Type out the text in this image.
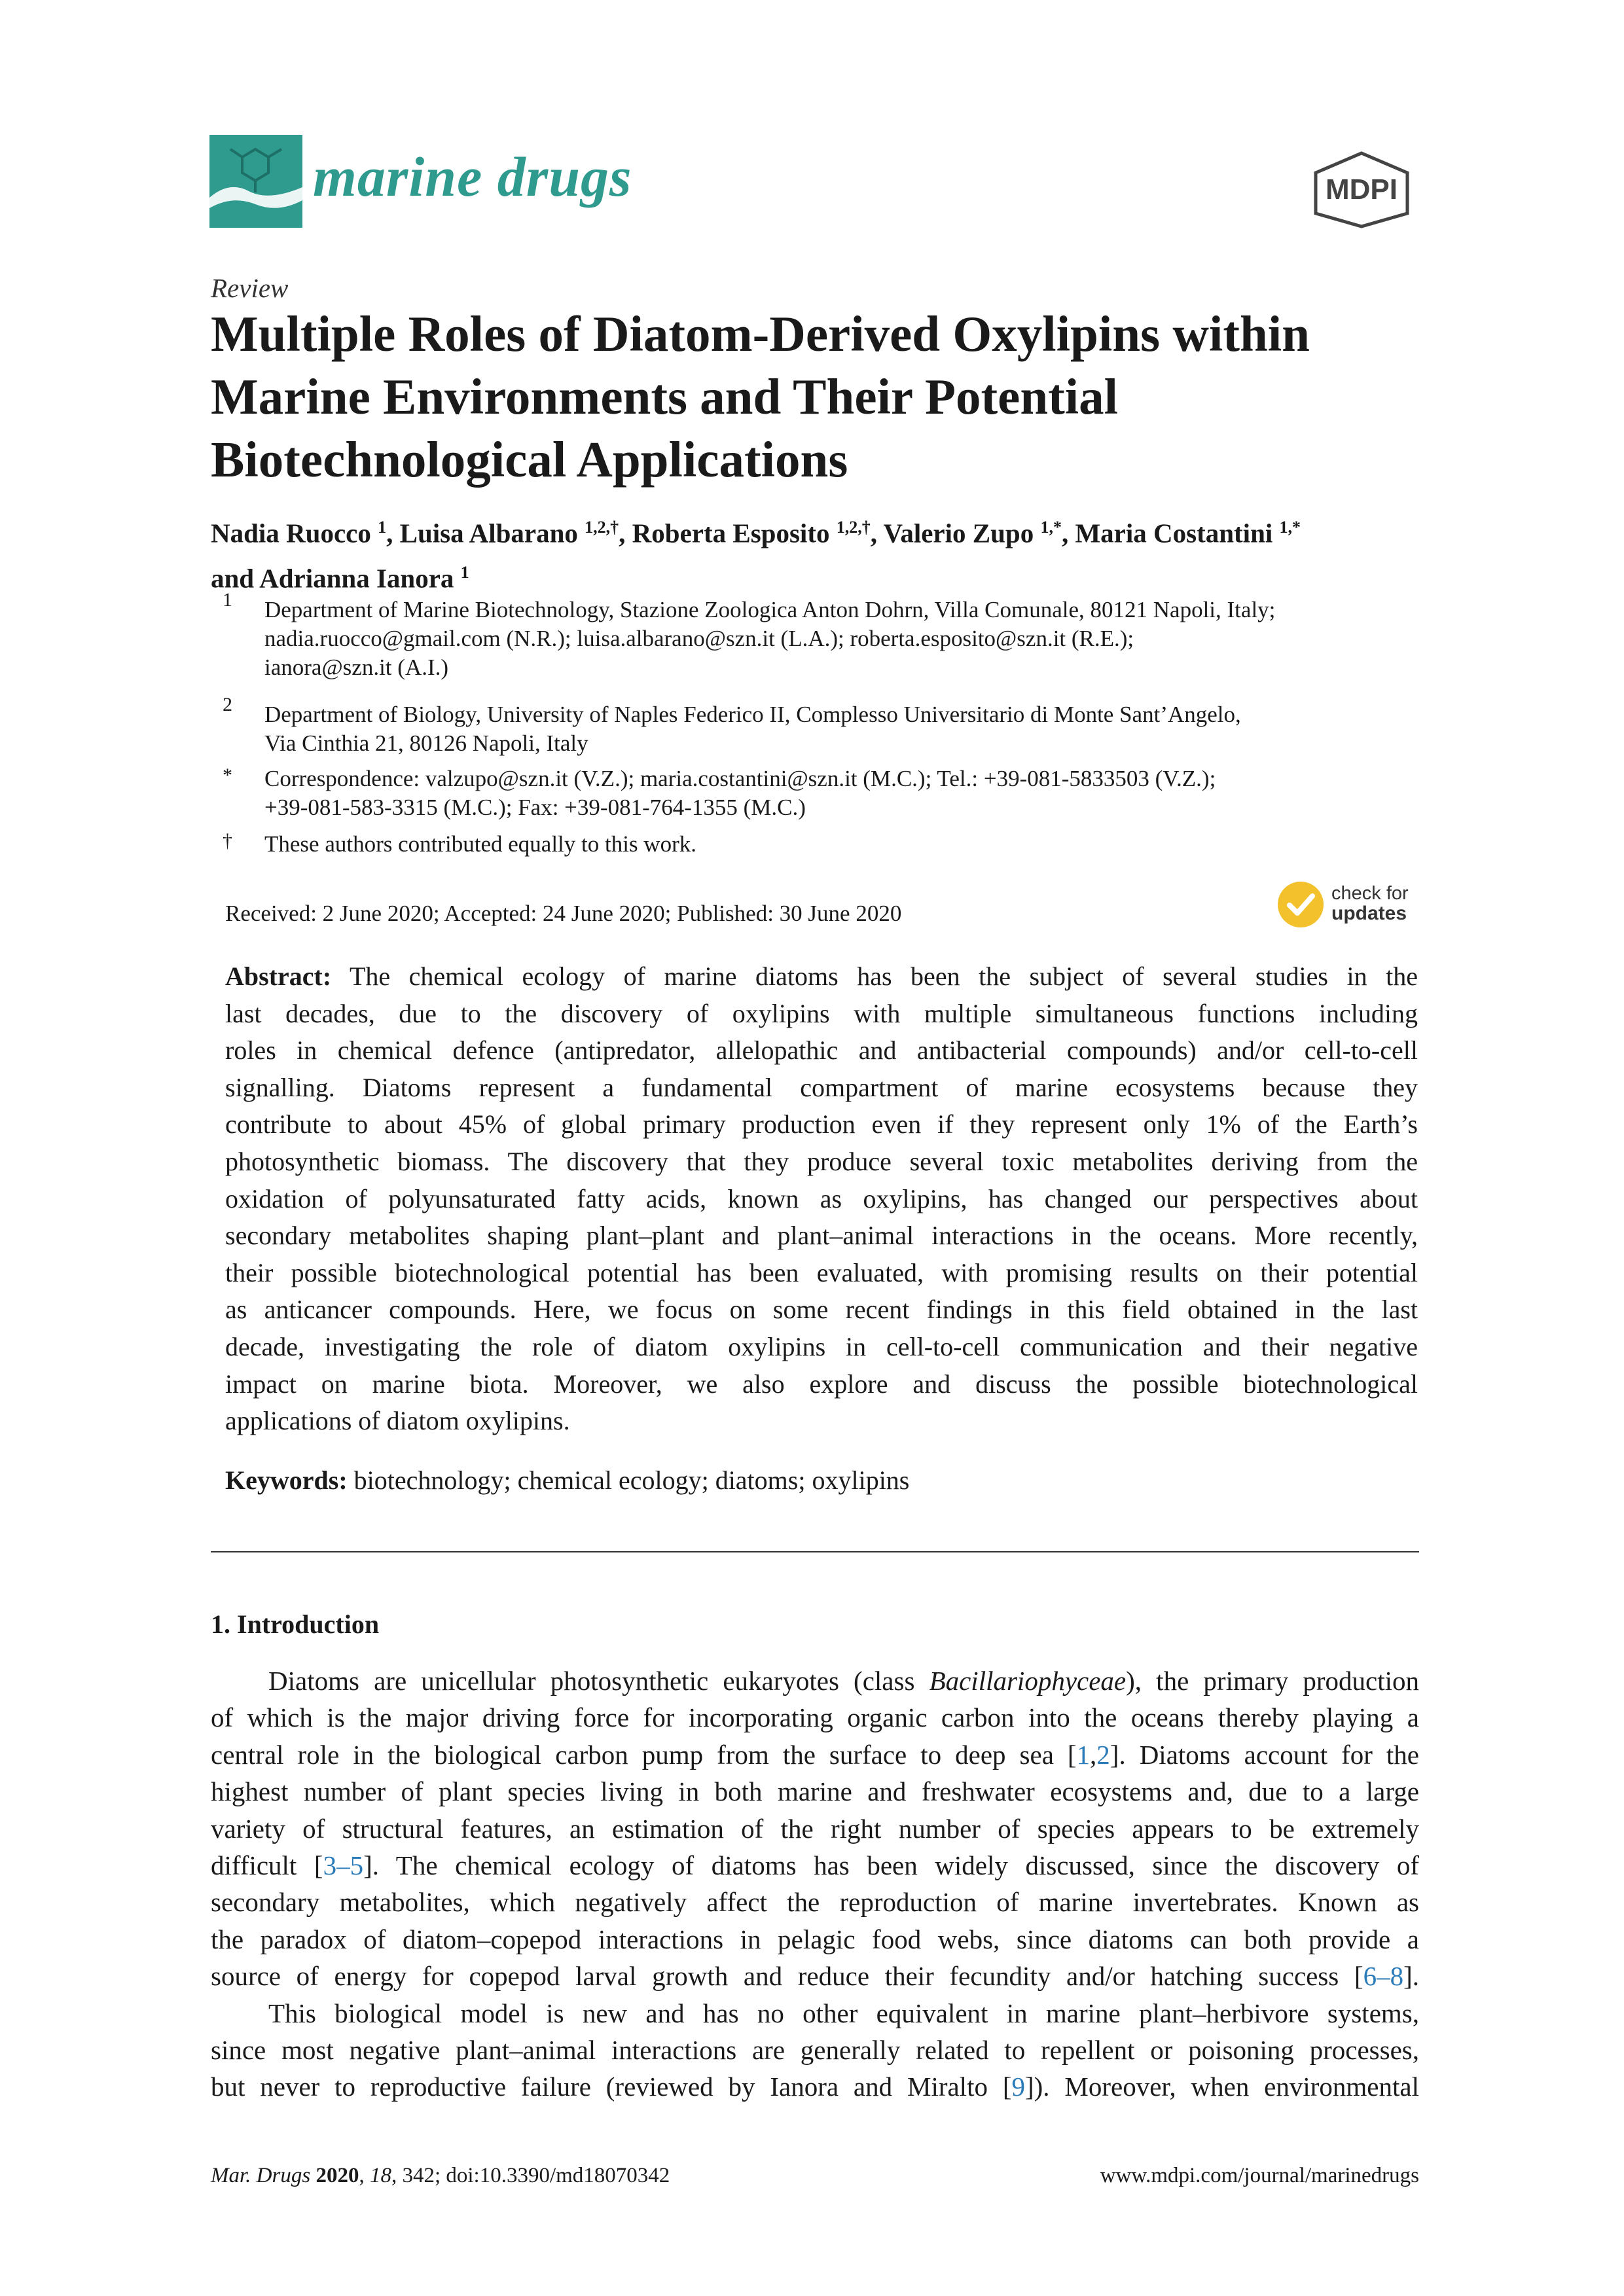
marine drugs	MDPI
Review
Multiple Roles of Diatom-Derived Oxylipins within
Marine Environments and Their Potential
Biotechnological Applications
Nadia Ruocco $^1$, Luisa Albarano $^{1,2,\dagger}$, Roberta Esposito $^{1,2,\dagger}$, Valerio Zupo $^{1,*}$, Maria Costantini $^{1,*}$
and Adrianna Ianora $^1$
1 Department of Marine Biotechnology, Stazione Zoologica Anton Dohrn, Villa Comunale, 80121 Napoli, Italy;
nadia.ruocco@gmail.com (N.R.); luisa.albarano@szn.it (L.A.); roberta.esposito@szn.it (R.E.);
ianora@szn.it (A.I.)
2 Department of Biology, University of Naples Federico II, Complesso Universitario di Monte Sant’Angelo,
Via Cinthia 21, 80126 Napoli, Italy
* Correspondence: valzupo@szn.it (V.Z.); maria.costantini@szn.it (M.C.); Tel.: +39-081-5833503 (V.Z.);
+39-081-583-3315 (M.C.); Fax: +39-081-764-1355 (M.C.)
† These authors contributed equally to this work.
Received: 2 June 2020; Accepted: 24 June 2020; Published: 30 June 2020
check for
updates
Abstract: The chemical ecology of marine diatoms has been the subject of several studies in the
last decades, due to the discovery of oxylipins with multiple simultaneous functions including
roles in chemical defence (antipredator, allelopathic and antibacterial compounds) and/or cell-to-cell
signalling. Diatoms represent a fundamental compartment of marine ecosystems because they
contribute to about 45% of global primary production even if they represent only 1% of the Earth’s
photosynthetic biomass. The discovery that they produce several toxic metabolites deriving from the
oxidation of polyunsaturated fatty acids, known as oxylipins, has changed our perspectives about
secondary metabolites shaping plant–plant and plant–animal interactions in the oceans. More recently,
their possible biotechnological potential has been evaluated, with promising results on their potential
as anticancer compounds. Here, we focus on some recent findings in this field obtained in the last
decade, investigating the role of diatom oxylipins in cell-to-cell communication and their negative
impact on marine biota. Moreover, we also explore and discuss the possible biotechnological
applications of diatom oxylipins.
Keywords: biotechnology; chemical ecology; diatoms; oxylipins
1. Introduction
Diatoms are unicellular photosynthetic eukaryotes (class Bacillariophyceae), the primary production
of which is the major driving force for incorporating organic carbon into the oceans thereby playing a
central role in the biological carbon pump from the surface to deep sea [1,2]. Diatoms account for the
highest number of plant species living in both marine and freshwater ecosystems and, due to a large
variety of structural features, an estimation of the right number of species appears to be extremely
difficult [3–5]. The chemical ecology of diatoms has been widely discussed, since the discovery of
secondary metabolites, which negatively affect the reproduction of marine invertebrates. Known as
the paradox of diatom–copepod interactions in pelagic food webs, since diatoms can both provide a
source of energy for copepod larval growth and reduce their fecundity and/or hatching success [6–8].
This biological model is new and has no other equivalent in marine plant–herbivore systems,
since most negative plant–animal interactions are generally related to repellent or poisoning processes,
but never to reproductive failure (reviewed by Ianora and Miralto [9]). Moreover, when environmental
Mar. Drugs 2020, 18, 342; doi:10.3390/md18070342	www.mdpi.com/journal/marinedrugs
